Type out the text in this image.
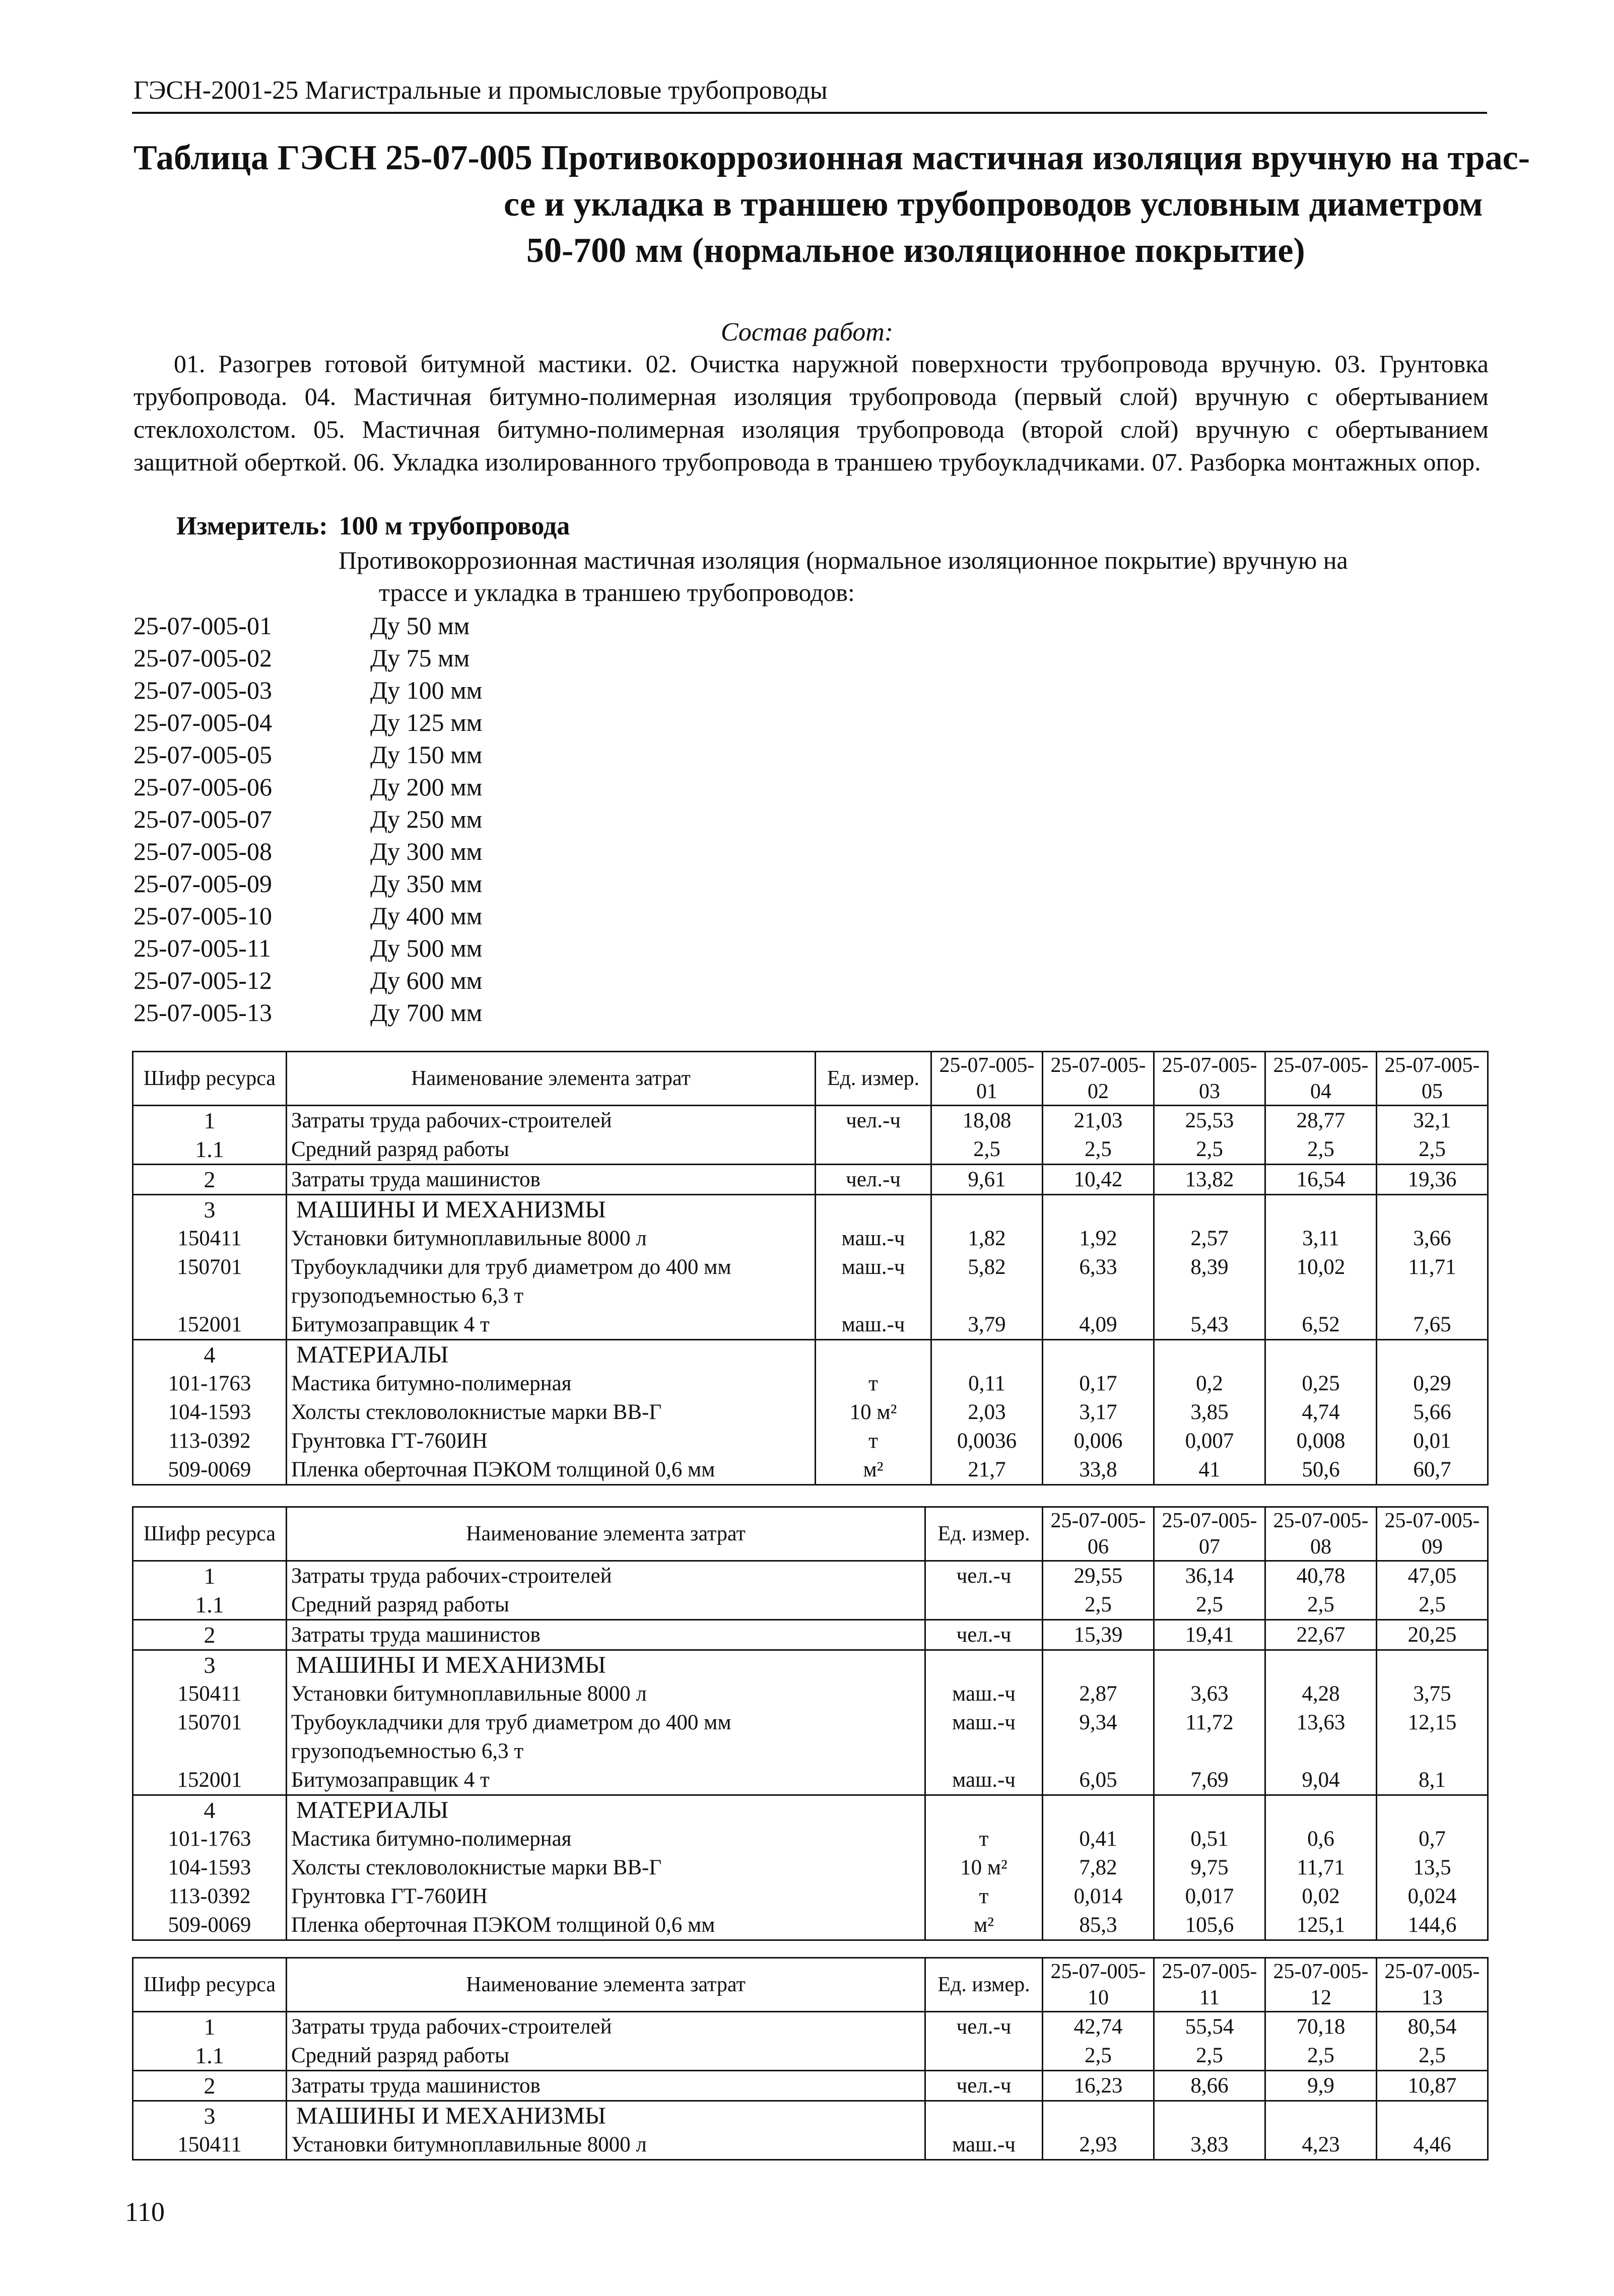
ГЭСН-2001-25 Магистральные и промысловые трубопроводы
Таблица ГЭСН 25-07-005 Противокоррозионная мастичная изоляция вручную на трас-
се и укладка в траншею трубопроводов условным диаметром
50-700 мм (нормальное изоляционное покрытие)
Состав работ:
01. Разогрев готовой битумной мастики. 02. Очистка наружной поверхности трубопровода вручную. 03. Грунтовка трубопровода. 04. Мастичная битумно-полимерная изоляция трубопровода (первый слой) вручную с обертыванием стеклохолстом. 05. Мастичная битумно-полимерная изоляция трубопровода (второй слой) вручную с обертыванием защитной оберткой. 06. Укладка изолированного трубопровода в траншею трубоукладчиками. 07. Разборка монтажных опор.
Измеритель: 100 м трубопровода
Противокоррозионная мастичная изоляция (нормальное изоляционное покрытие) вручную на
трассе и укладка в траншею трубопроводов:
25-07-005-01	Ду 50 мм
25-07-005-02	Ду 75 мм
25-07-005-03	Ду 100 мм
25-07-005-04	Ду 125 мм
25-07-005-05	Ду 150 мм
25-07-005-06	Ду 200 мм
25-07-005-07	Ду 250 мм
25-07-005-08	Ду 300 мм
25-07-005-09	Ду 350 мм
25-07-005-10	Ду 400 мм
25-07-005-11	Ду 500 мм
25-07-005-12	Ду 600 мм
25-07-005-13	Ду 700 мм
Шифр ресурса	Наименование элемента затрат	Ед. измер.	25-07-005-01	25-07-005-02	25-07-005-03	25-07-005-04	25-07-005-05
1	Затраты труда рабочих-строителей	чел.-ч	18,08	21,03	25,53	28,77	32,1
1.1	Средний разряд работы		2,5	2,5	2,5	2,5	2,5
2	Затраты труда машинистов	чел.-ч	9,61	10,42	13,82	16,54	19,36
3	МАШИНЫ И МЕХАНИЗМЫ						
150411	Установки битумноплавильные 8000 л	маш.-ч	1,82	1,92	2,57	3,11	3,66
150701	Трубоукладчики для труб диаметром до 400 мм грузоподъемностью 6,3 т	маш.-ч	5,82	6,33	8,39	10,02	11,71
152001	Битумозаправщик 4 т	маш.-ч	3,79	4,09	5,43	6,52	7,65
4	МАТЕРИАЛЫ						
101-1763	Мастика битумно-полимерная	т	0,11	0,17	0,2	0,25	0,29
104-1593	Холсты стекловолокнистые марки ВВ-Г	10 м²	2,03	3,17	3,85	4,74	5,66
113-0392	Грунтовка ГТ-760ИН	т	0,0036	0,006	0,007	0,008	0,01
509-0069	Пленка оберточная ПЭКОМ толщиной 0,6 мм	м²	21,7	33,8	41	50,6	60,7
Шифр ресурса	Наименование элемента затрат	Ед. измер.	25-07-005-06	25-07-005-07	25-07-005-08	25-07-005-09
1	Затраты труда рабочих-строителей	чел.-ч	29,55	36,14	40,78	47,05
1.1	Средний разряд работы		2,5	2,5	2,5	2,5
2	Затраты труда машинистов	чел.-ч	15,39	19,41	22,67	20,25
3	МАШИНЫ И МЕХАНИЗМЫ					
150411	Установки битумноплавильные 8000 л	маш.-ч	2,87	3,63	4,28	3,75
150701	Трубоукладчики для труб диаметром до 400 мм грузоподъемностью 6,3 т	маш.-ч	9,34	11,72	13,63	12,15
152001	Битумозаправщик 4 т	маш.-ч	6,05	7,69	9,04	8,1
4	МАТЕРИАЛЫ					
101-1763	Мастика битумно-полимерная	т	0,41	0,51	0,6	0,7
104-1593	Холсты стекловолокнистые марки ВВ-Г	10 м²	7,82	9,75	11,71	13,5
113-0392	Грунтовка ГТ-760ИН	т	0,014	0,017	0,02	0,024
509-0069	Пленка оберточная ПЭКОМ толщиной 0,6 мм	м²	85,3	105,6	125,1	144,6
Шифр ресурса	Наименование элемента затрат	Ед. измер.	25-07-005-10	25-07-005-11	25-07-005-12	25-07-005-13
1	Затраты труда рабочих-строителей	чел.-ч	42,74	55,54	70,18	80,54
1.1	Средний разряд работы		2,5	2,5	2,5	2,5
2	Затраты труда машинистов	чел.-ч	16,23	8,66	9,9	10,87
3	МАШИНЫ И МЕХАНИЗМЫ					
150411	Установки битумноплавильные 8000 л	маш.-ч	2,93	3,83	4,23	4,46
110
